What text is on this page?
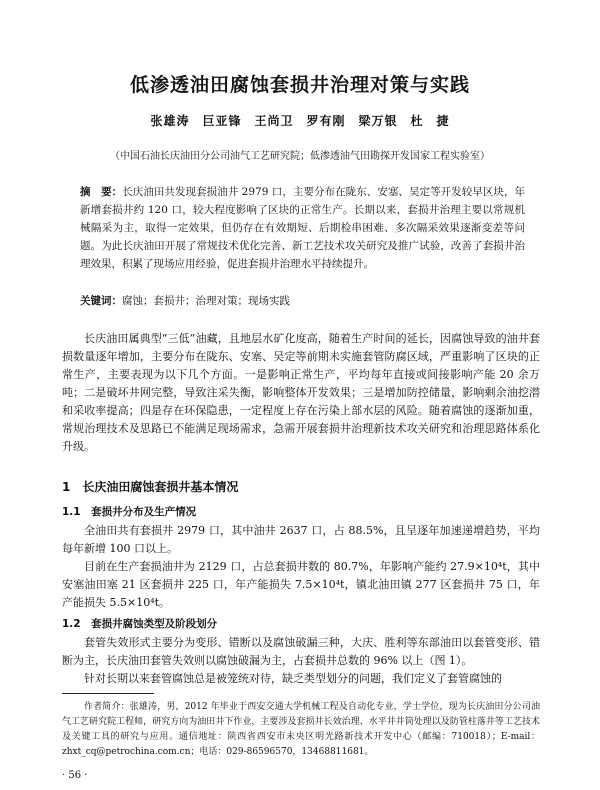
低渗透油田腐蚀套损井治理对策与实践
张雄涛　巨亚锋　王尚卫　罗有刚　梁万银　杜　捷
（中国石油长庆油田分公司油气工艺研究院；低渗透油气田勘探开发国家工程实验室）
摘　要：长庆油田共发现套损油井 2979 口，主要分布在陇东、安塞、吴定等开发较早区块，年新增套损井约 120 口，较大程度影响了区块的正常生产。长期以来，套损井治理主要以常规机械隔采为主，取得一定效果，但仍存在有效期短、后期检串困难、多次隔采效果逐渐变差等问题。为此长庆油田开展了常规技术优化完善、新工艺技术攻关研究及推广试验，改善了套损井治理效果，积累了现场应用经验，促进套损井治理水平持续提升。
关键词：腐蚀；套损井；治理对策；现场实践
长庆油田属典型“三低”油藏，且地层水矿化度高，随着生产时间的延长，因腐蚀导致的油井套损数量逐年增加，主要分布在陇东、安塞、吴定等前期未实施套管防腐区域，严重影响了区块的正常生产，主要表现为以下几个方面。一是影响正常生产，平均每年直接或间接影响产能 20 余万吨；二是破坏井网完整，导致注采失衡，影响整体开发效果；三是增加防控储量，影响剩余油挖潜和采收率提高；四是存在环保隐患，一定程度上存在污染上部水层的风险。随着腐蚀的逐渐加重，常规治理技术及思路已不能满足现场需求，急需开展套损井治理新技术攻关研究和治理思路体系化升级。
1　长庆油田腐蚀套损井基本情况
1.1　套损井分布及生产情况
全油田共有套损井 2979 口，其中油井 2637 口，占 88.5%，且呈逐年加速递增趋势，平均每年新增 100 口以上。
目前在生产套损油井为 2129 口，占总套损井数的 80.7%，年影响产能约 27.9×10⁴t，其中安塞油田塞 21 区套损井 225 口，年产能损失 7.5×10⁴t，镇北油田镇 277 区套损井 75 口，年产能损失 5.5×10⁴t。
1.2　套损井腐蚀类型及阶段划分
套管失效形式主要分为变形、错断以及腐蚀破漏三种，大庆、胜利等东部油田以套管变形、错断为主，长庆油田套管失效则以腐蚀破漏为主，占套损井总数的 96% 以上（图 1）。
针对长期以来套管腐蚀总是被笼统对待，缺乏类型划分的问题，我们定义了套管腐蚀的
作者简介：张雄涛，男，2012 年毕业于西安交通大学机械工程及自动化专业，学士学位，现为长庆油田分公司油气工艺研究院工程师，研究方向为油田井下作业，主要涉及套损井长效治理、水平井井筒处理以及防管柱落井等工艺技术及关键工具的研究与应用。通信地址：陕西省西安市未央区明光路新技术开发中心（邮编：710018）；E-mail：zhxt_cq@petrochina.com.cn；电话：029-86596570，13468811681。
· 56 ·
